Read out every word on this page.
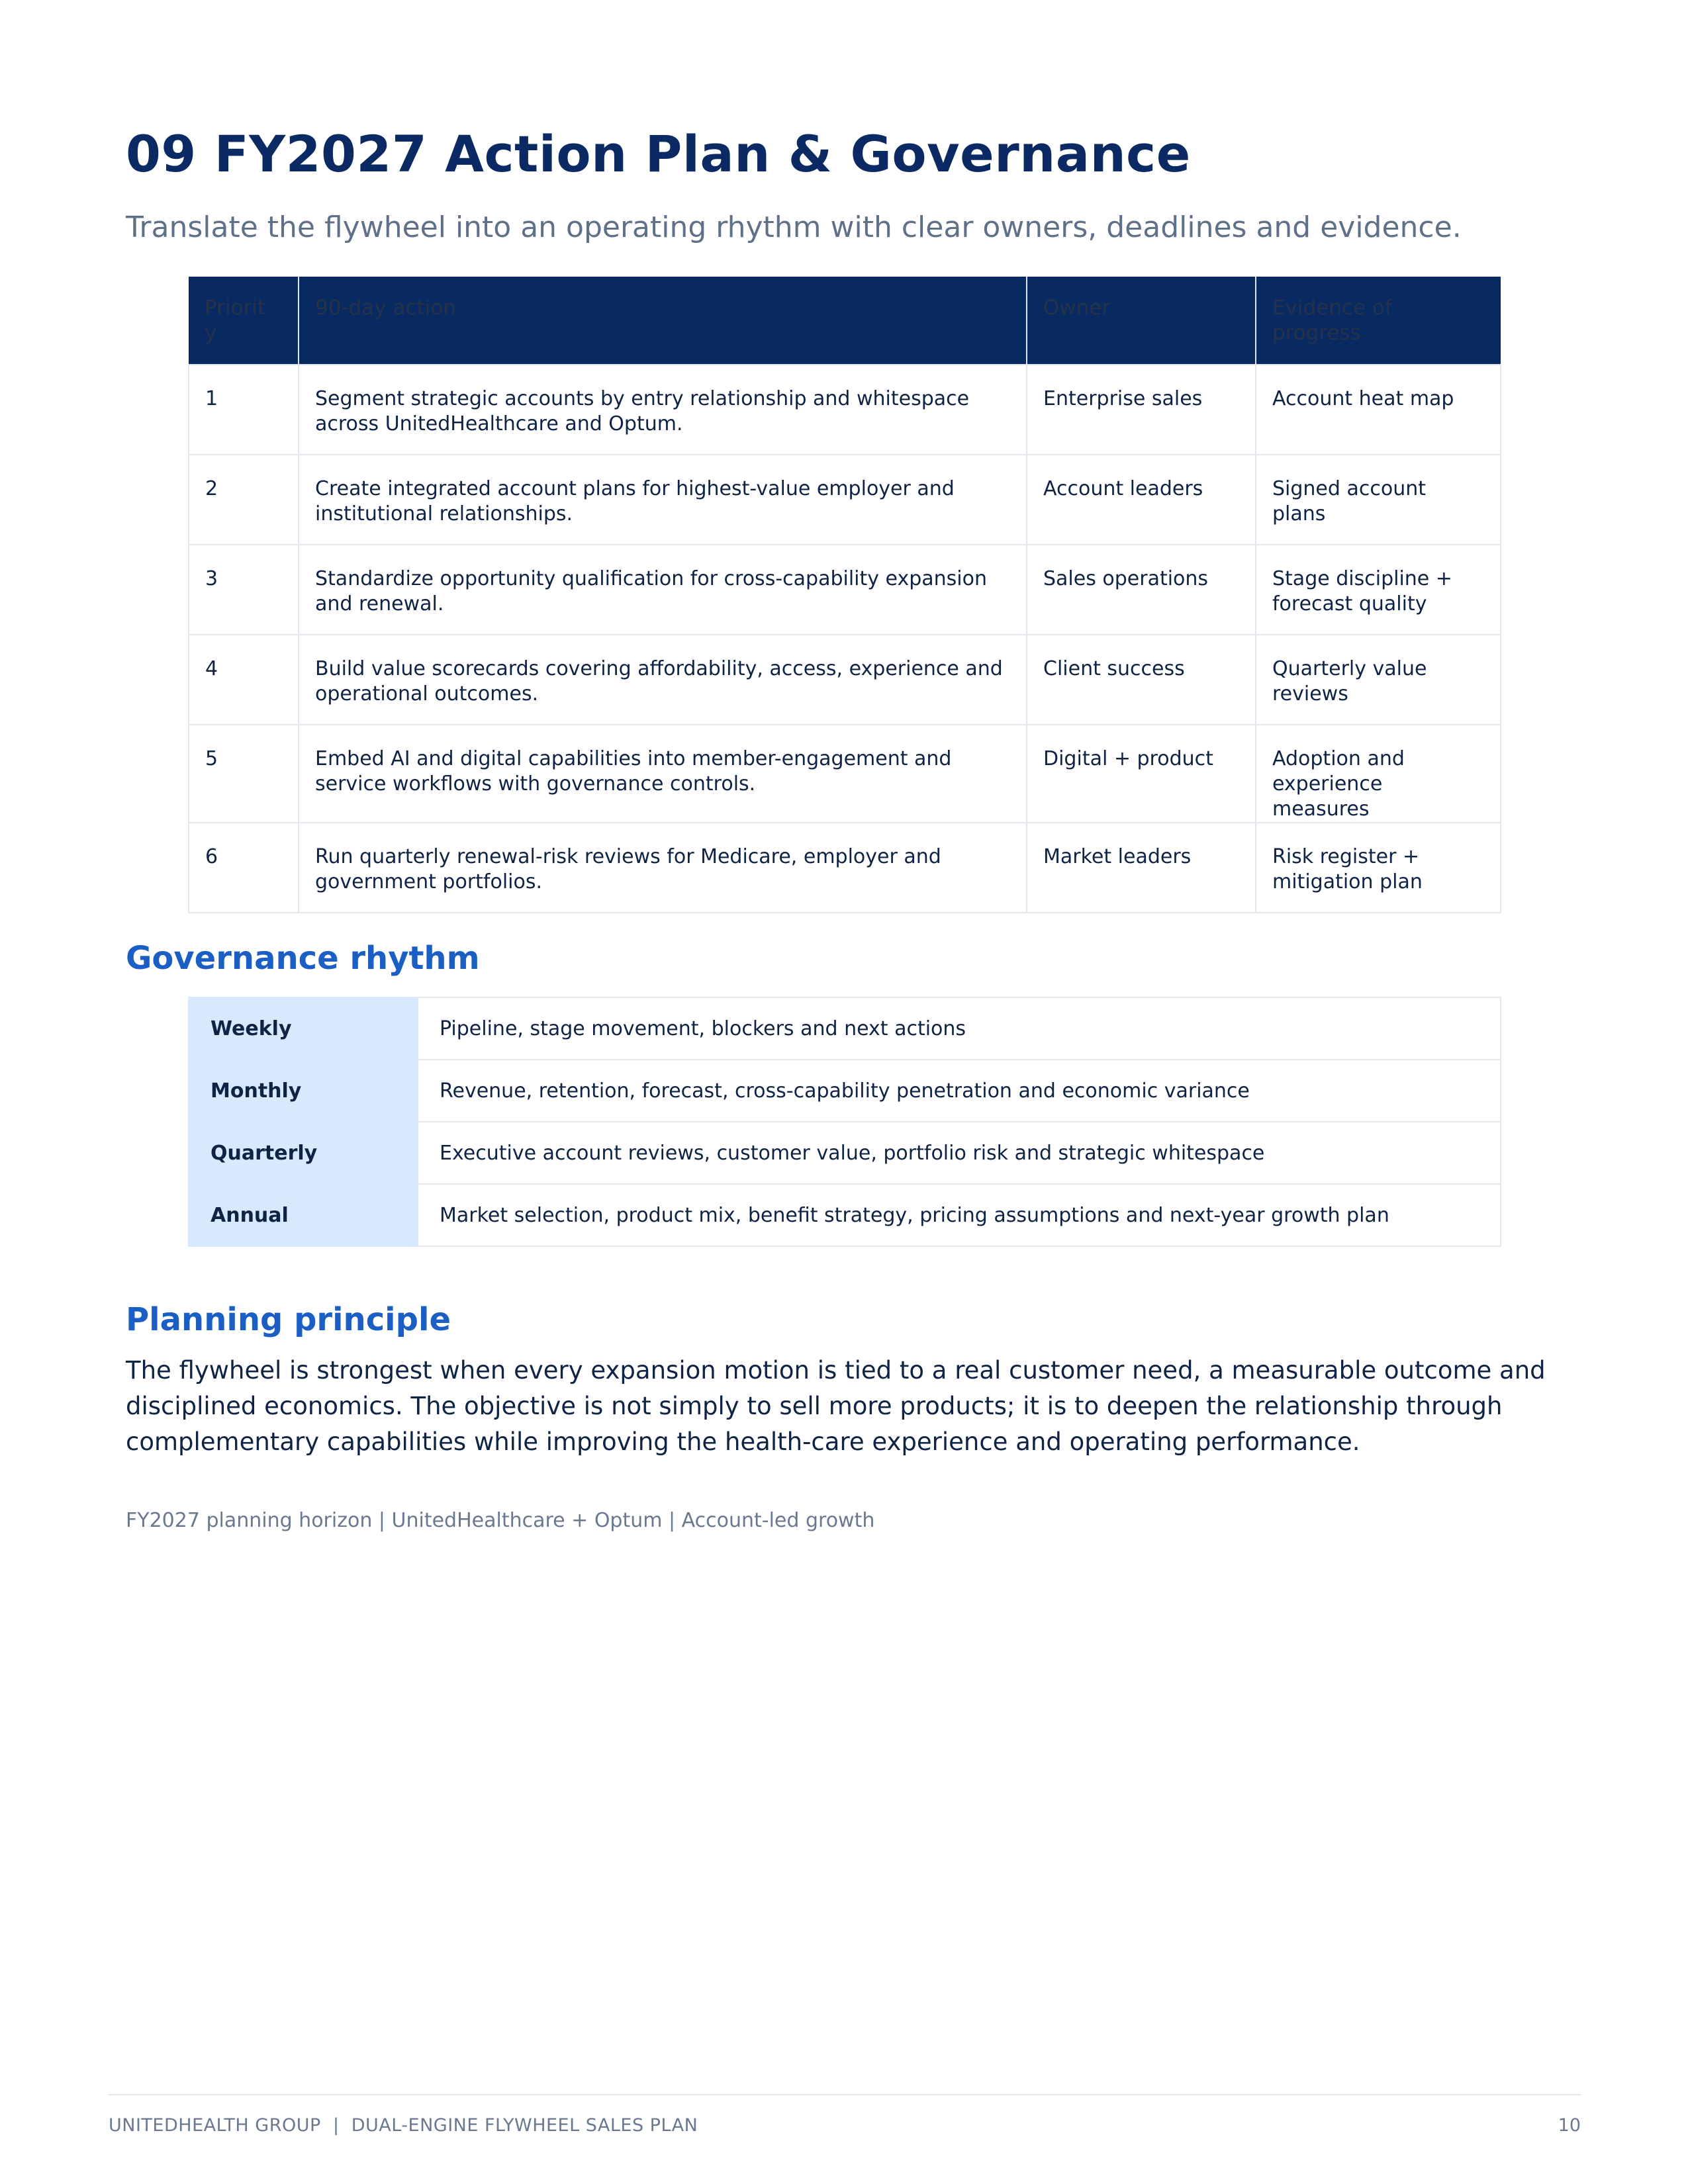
09 FY2027 Action Plan & Governance

Translate the flywheel into an operating rhythm with clear owners, deadlines and evidence.

Priorit
y	90-day action	Owner	Evidence of progress
1	Segment strategic accounts by entry relationship and whitespace across UnitedHealthcare and Optum.	Enterprise sales	Account heat map
2	Create integrated account plans for highest-value employer and institutional relationships.	Account leaders	Signed account plans
3	Standardize opportunity qualification for cross-capability expansion and renewal.	Sales operations	Stage discipline + forecast quality
4	Build value scorecards covering affordability, access, experience and operational outcomes.	Client success	Quarterly value reviews
5	Embed AI and digital capabilities into member-engagement and service workflows with governance controls.	Digital + product	Adoption and experience measures
6	Run quarterly renewal-risk reviews for Medicare, employer and government portfolios.	Market leaders	Risk register + mitigation plan
Governance rhythm
Weekly	Pipeline, stage movement, blockers and next actions
Monthly	Revenue, retention, forecast, cross-capability penetration and economic variance
Quarterly	Executive account reviews, customer value, portfolio risk and strategic whitespace
Annual	Market selection, product mix, benefit strategy, pricing assumptions and next-year growth plan
Planning principle

The flywheel is strongest when every expansion motion is tied to a real customer need, a measurable outcome and disciplined economics. The objective is not simply to sell more products; it is to deepen the relationship through complementary capabilities while improving the health-care experience and operating performance.

FY2027 planning horizon | UnitedHealthcare + Optum | Account-led growth

UNITEDHEALTH GROUP  |  DUAL-ENGINE FLYWHEEL SALES PLAN	10
